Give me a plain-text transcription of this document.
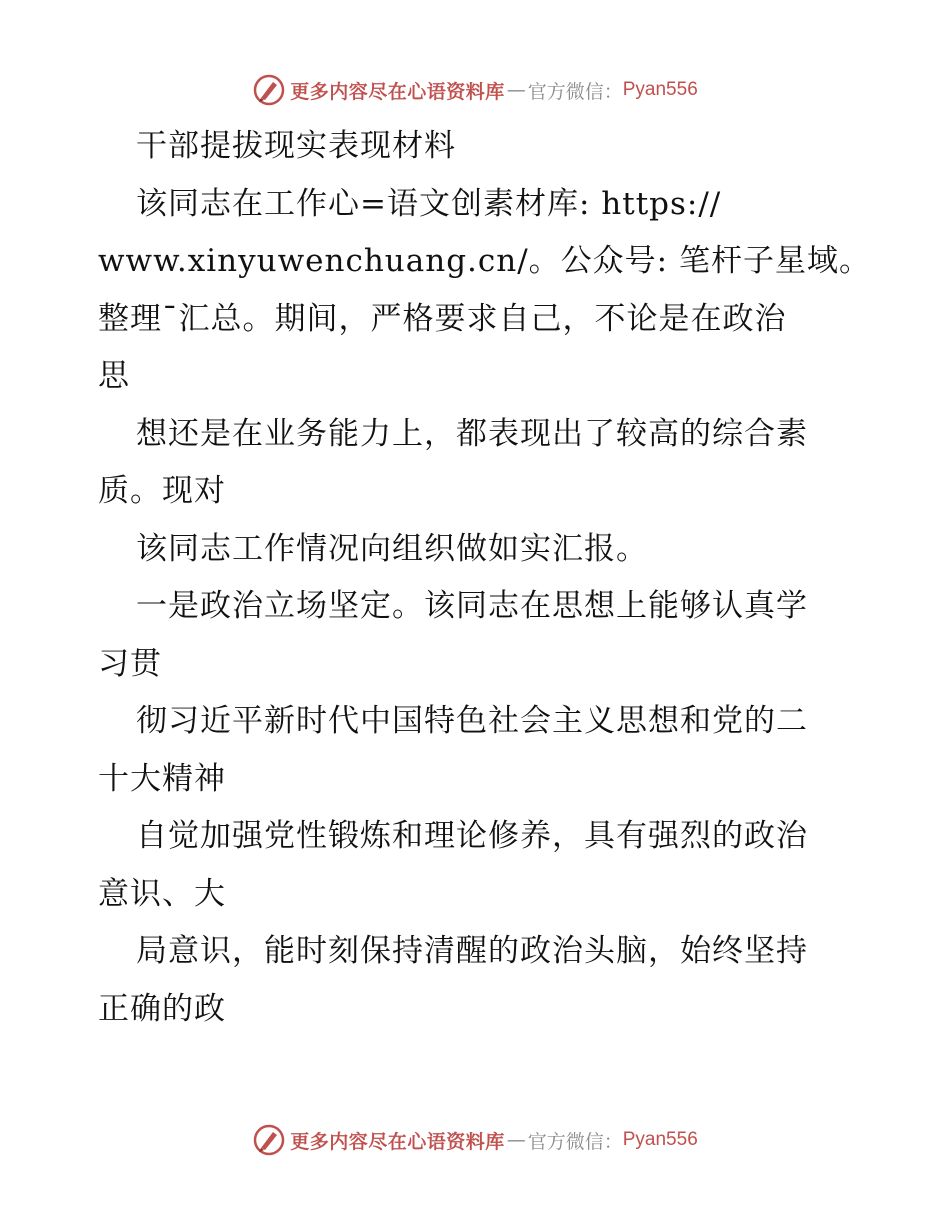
更多内容尽在心语资料库 — 官方微信： Pyan556
干部提拔现实表现材料
该同志在工作心=语文创素材库: https://
www.xinyuwenchuang.cn/。公众号: 笔杆子星域。
整理¯汇总。期间，严格要求自己，不论是在政治
思
想还是在业务能力上，都表现出了较高的综合素
质。现对
该同志工作情况向组织做如实汇报。
一是政治立场坚定。该同志在思想上能够认真学
习贯
彻习近平新时代中国特色社会主义思想和党的二
十大精神
自觉加强党性锻炼和理论修养，具有强烈的政治
意识、大
局意识，能时刻保持清醒的政治头脑，始终坚持
正确的政
更多内容尽在心语资料库 — 官方微信： Pyan556
